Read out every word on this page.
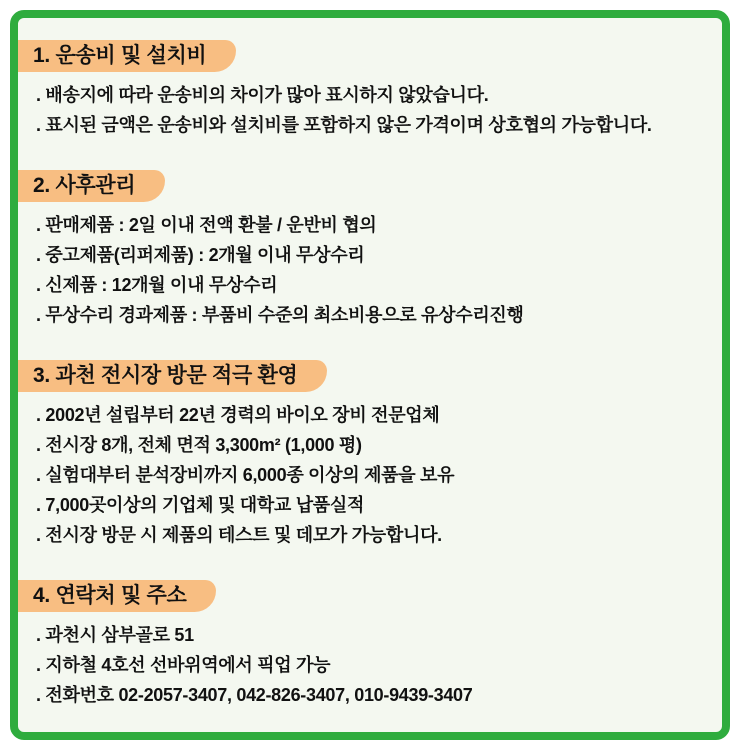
1. 운송비 및 설치비
. 배송지에 따라 운송비의 차이가 많아 표시하지 않았습니다.
. 표시된 금액은 운송비와 설치비를 포함하지 않은 가격이며 상호협의 가능합니다.
2. 사후관리
. 판매제품 : 2일 이내 전액 환불 / 운반비 협의
. 중고제품(리퍼제품) : 2개월 이내 무상수리
. 신제품 : 12개월 이내 무상수리
. 무상수리 경과제품 : 부품비 수준의 최소비용으로 유상수리진행
3. 과천 전시장 방문 적극 환영
. 2002년 설립부터 22년 경력의 바이오 장비 전문업체
. 전시장 8개, 전체 면적 3,300m² (1,000 평)
. 실험대부터 분석장비까지 6,000종 이상의 제품을 보유
. 7,000곳이상의 기업체 및 대학교 납품실적
. 전시장 방문 시 제품의 테스트 및 데모가 가능합니다.
4. 연락처 및 주소
. 과천시 삼부골로 51
. 지하철 4호선 선바위역에서 픽업 가능
. 전화번호 02-2057-3407, 042-826-3407, 010-9439-3407
